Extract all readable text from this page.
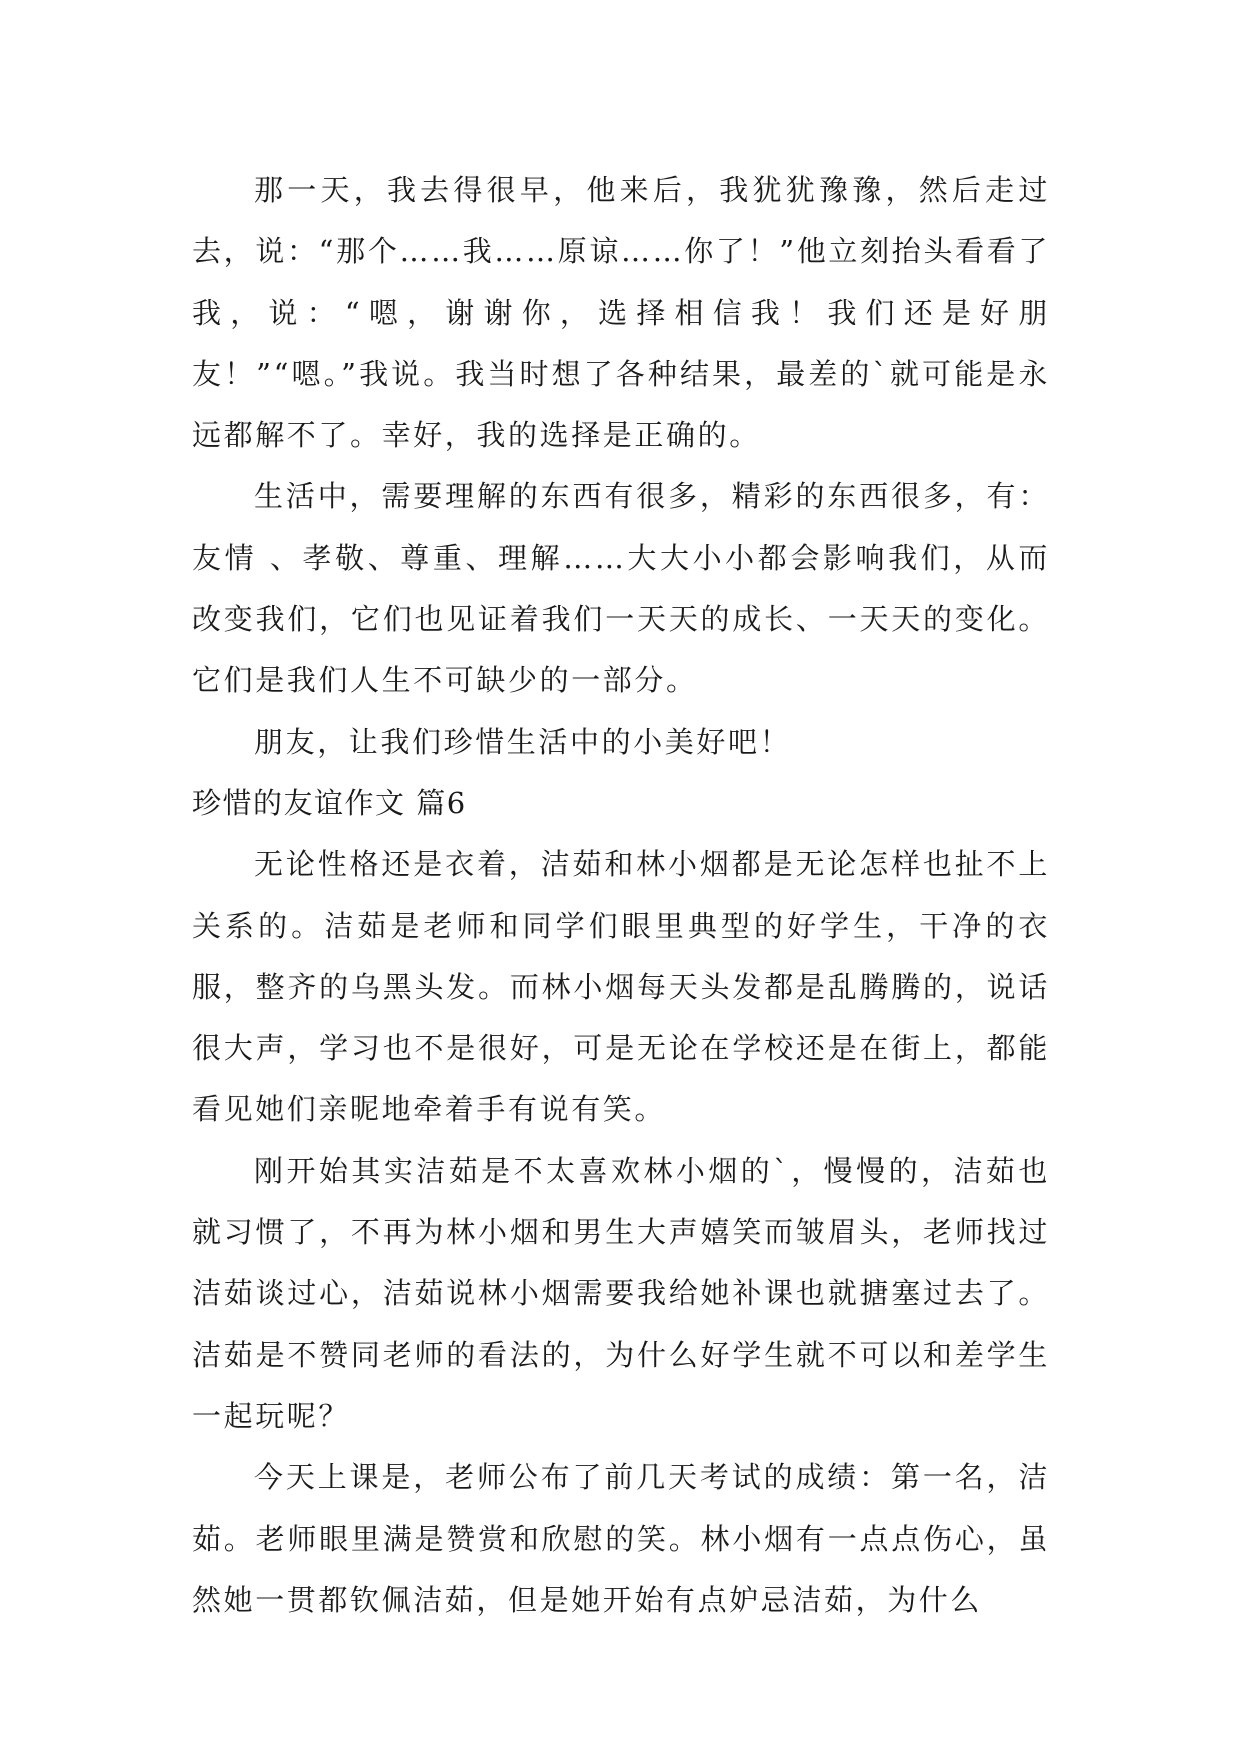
那一天，我去得很早，他来后，我犹犹豫豫，然后走过去，说：“那个……我……原谅……你了！”他立刻抬头看看了我，说：“嗯，谢谢你，选择相信我！我们还是好朋友！”“嗯。”我说。我当时想了各种结果，最差的`就可能是永远都解不了。幸好，我的选择是正确的。

生活中，需要理解的东西有很多，精彩的东西很多，有：友情 、孝敬、尊重、理解……大大小小都会影响我们，从而改变我们，它们也见证着我们一天天的成长、一天天的变化。它们是我们人生不可缺少的一部分。

朋友，让我们珍惜生活中的小美好吧！

珍惜的友谊作文 篇6

无论性格还是衣着，洁茹和林小烟都是无论怎样也扯不上关系的。洁茹是老师和同学们眼里典型的好学生，干净的衣服，整齐的乌黑头发。而林小烟每天头发都是乱腾腾的，说话很大声，学习也不是很好，可是无论在学校还是在街上，都能看见她们亲昵地牵着手有说有笑。

刚开始其实洁茹是不太喜欢林小烟的`，慢慢的，洁茹也就习惯了，不再为林小烟和男生大声嬉笑而皱眉头，老师找过洁茹谈过心，洁茹说林小烟需要我给她补课也就搪塞过去了。洁茹是不赞同老师的看法的，为什么好学生就不可以和差学生一起玩呢？

今天上课是，老师公布了前几天考试的成绩：第一名，洁茹。老师眼里满是赞赏和欣慰的笑。林小烟有一点点伤心，虽然她一贯都钦佩洁茹，但是她开始有点妒忌洁茹，为什么
